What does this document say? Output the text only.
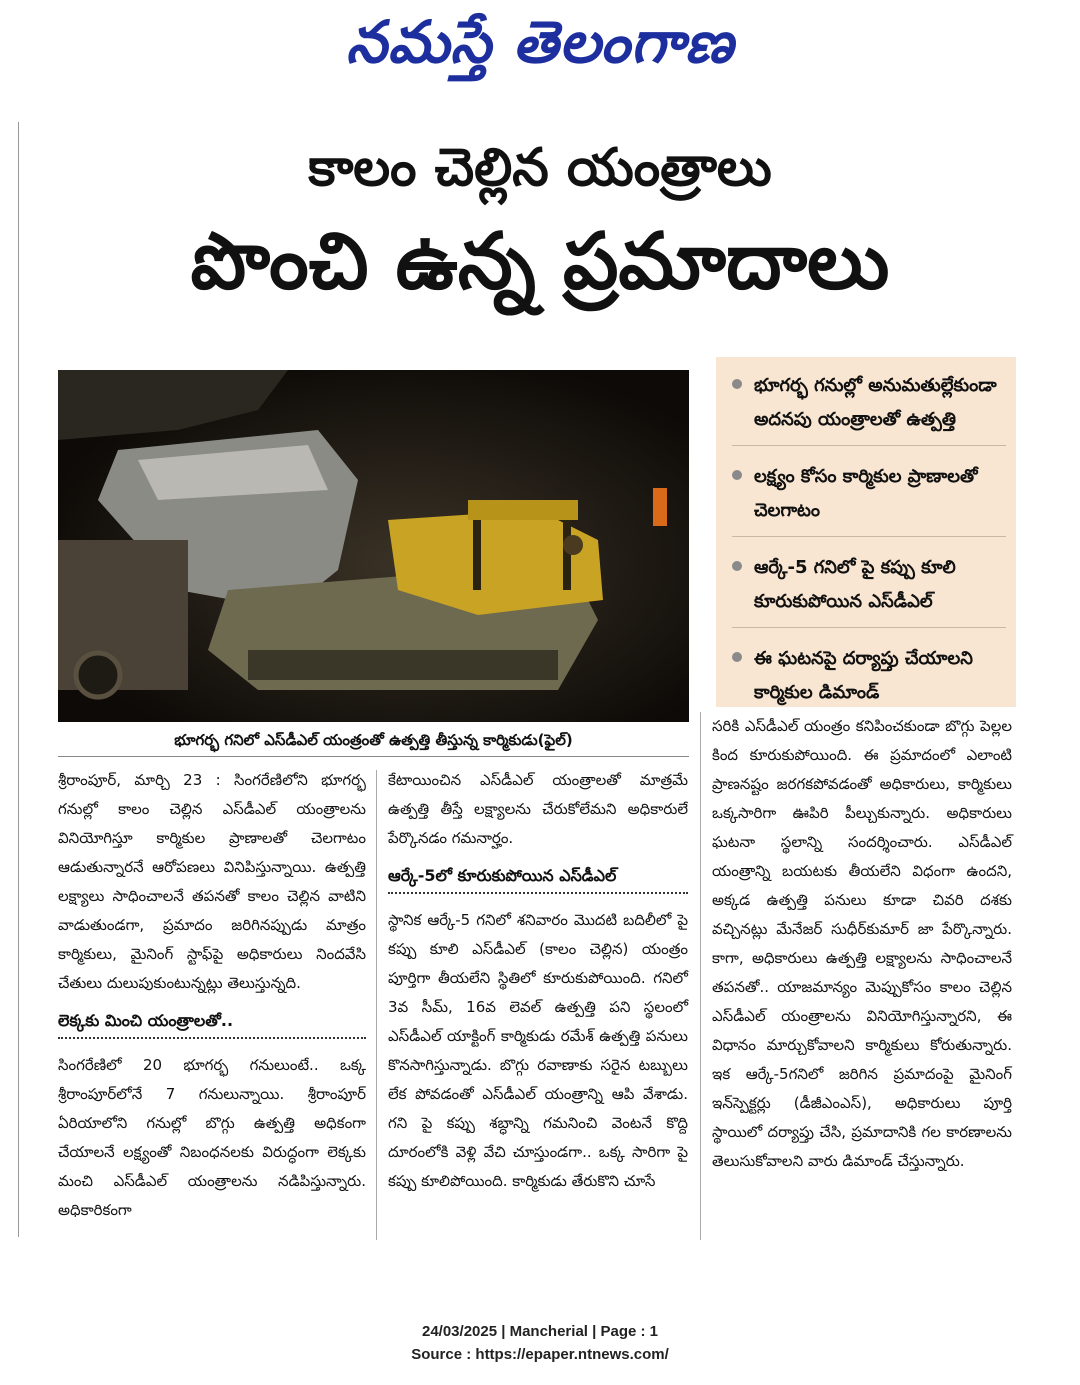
నమస్తే తెలంగాణ
కాలం చెల్లిన యంత్రాలు
పొంచి ఉన్న ప్రమాదాలు
భూగర్భ గనిలో ఎస్‌డీఎల్‌ యంత్రంతో ఉత్పత్తి తీస్తున్న కార్మికుడు(ఫైల్‌)
భూగర్భ గనుల్లో అనుమతుల్లేకుండా అదనపు యంత్రాలతో ఉత్పత్తి
లక్ష్యం కోసం కార్మికుల ప్రాణాలతో చెలగాటం
ఆర్కే-5 గనిలో పై కప్పు కూలి కూరుకుపోయిన ఎస్‌డీఎల్‌
ఈ ఘటనపై దర్యాప్తు చేయాలని కార్మికుల డిమాండ్‌
శ్రీరాంపూర్‌, మార్చి 23 : సింగరేణిలోని భూగర్భ గనుల్లో కాలం చెల్లిన ఎస్‌డీఎల్‌ యంత్రాలను వినియోగిస్తూ కార్మికుల ప్రాణాలతో చెలగాటం ఆడుతున్నారనే ఆరోపణలు వినిపిస్తున్నాయి. ఉత్పత్తి లక్ష్యాలు సాధించాలనే తపనతో కాలం చెల్లిన వాటిని వాడుతుండగా, ప్రమాదం జరిగినప్పుడు మాత్రం కార్మికులు, మైనింగ్‌ స్టాఫ్‌పై అధికారులు నిందవేసి చేతులు దులుపుకుంటున్నట్లు తెలుస్తున్నది.
లెక్కకు మించి యంత్రాలతో..
సింగరేణిలో 20 భూగర్భ గనులుంటే.. ఒక్క శ్రీరాంపూర్‌లోనే 7 గనులున్నాయి. శ్రీరాంపూర్‌ ఏరియాలోని గనుల్లో బొగ్గు ఉత్పత్తి అధికంగా చేయాలనే లక్ష్యంతో నిబంధనలకు విరుద్ధంగా లెక్కకు మంచి ఎస్‌డీఎల్‌ యంత్రాలను నడిపిస్తున్నారు. అధికారికంగా
కేటాయించిన ఎస్‌డీఎల్‌ యంత్రాలతో మాత్రమే ఉత్పత్తి తీస్తే లక్ష్యాలను చేరుకోలేమని అధికారులే పేర్కొనడం గమనార్హం.
ఆర్కే-5లో కూరుకుపోయిన ఎస్‌డీఎల్‌
స్థానిక ఆర్కే-5 గనిలో శనివారం మొదటి బదిలీలో పై కప్పు కూలి ఎస్‌డీఎల్‌ (కాలం చెల్లిన) యంత్రం పూర్తిగా తీయలేని స్థితిలో కూరుకుపోయింది. గనిలో 3వ సీమ్‌, 16వ లెవల్‌ ఉత్పత్తి పని స్థలంలో ఎస్‌డీఎల్‌ యాక్టింగ్‌ కార్మికుడు రమేశ్‌ ఉత్పత్తి పనులు కొనసాగిస్తున్నాడు. బొగ్గు రవాణాకు సరైన టబ్బులు లేక పోవడంతో ఎస్‌డీఎల్‌ యంత్రాన్ని ఆపి వేశాడు. గని పై కప్పు శబ్ధాన్ని గమనించి వెంటనే కొద్ది దూరంలోకి వెళ్లి వేచి చూస్తుండగా.. ఒక్క సారిగా పై కప్పు కూలిపోయింది. కార్మికుడు తేరుకొని చూసే
సరికి ఎస్‌డీఎల్‌ యంత్రం కనిపించకుండా బొగ్గు పెల్లల కింద కూరుకుపోయింది. ఈ ప్రమాదంలో ఎలాంటి ప్రాణనష్టం జరగకపోవడంతో అధికారులు, కార్మికులు ఒక్కసారిగా ఊపిరి పీల్చుకున్నారు. అధికారులు ఘటనా స్థలాన్ని సందర్శించారు. ఎస్‌డీఎల్‌ యంత్రాన్ని బయటకు తీయలేని విధంగా ఉందని, అక్కడ ఉత్పత్తి పనులు కూడా చివరి దశకు వచ్చినట్లు మేనేజర్‌ సుధీర్‌కుమార్‌ జా పేర్కొన్నారు. కాగా, అధికారులు ఉత్పత్తి లక్ష్యాలను సాధించాలనే తపనతో.. యాజమాన్యం మెప్పుకోసం కాలం చెల్లిన ఎస్‌డీఎల్‌ యంత్రాలను వినియోగిస్తున్నారని, ఈ విధానం మార్చుకోవాలని కార్మికులు కోరుతున్నారు. ఇక ఆర్కే-5గనిలో జరిగిన ప్రమాదంపై మైనింగ్‌ ఇన్‌స్పెక్టర్లు (డీజీఎంఎస్‌), అధికారులు పూర్తి స్థాయిలో దర్యాప్తు చేసి, ప్రమాదానికి గల కారణాలను తెలుసుకోవాలని వారు డిమాండ్‌ చేస్తున్నారు.
24/03/2025 | Mancherial | Page : 1
Source : https://epaper.ntnews.com/
